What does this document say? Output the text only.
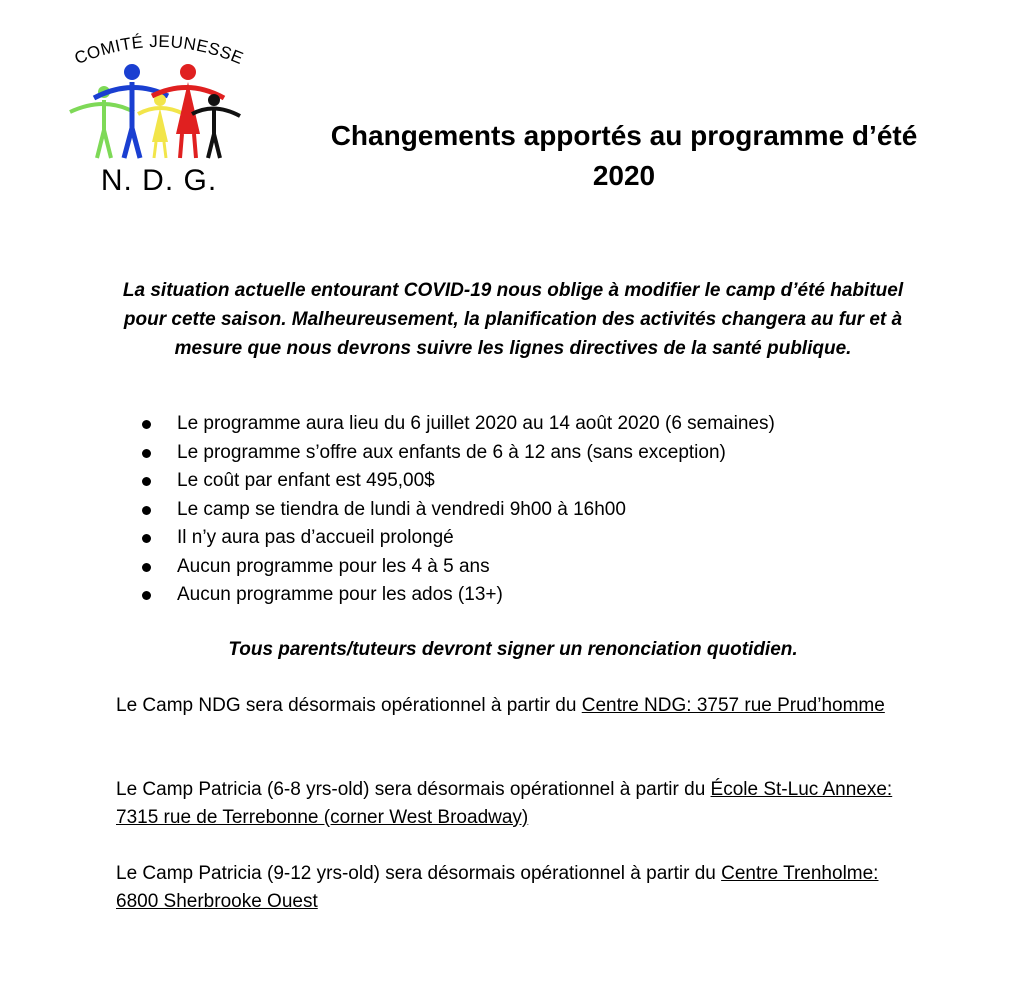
COMITÉ JEUNESSE
N. D. G.
Changements apportés au programme d’été 2020

La situation actuelle entourant COVID-19 nous oblige à modifier le camp d’été habituel pour cette saison. Malheureusement, la planification des activités changera au fur et à mesure que nous devrons suivre les lignes directives de la santé publique.

Le programme aura lieu du 6 juillet 2020 au 14 août 2020 (6 semaines)
Le programme s’offre aux enfants de 6 à 12 ans (sans exception)
Le coût par enfant est 495,00$
Le camp se tiendra de lundi à vendredi 9h00 à 16h00
Il n’y aura pas d’accueil prolongé
Aucun programme pour les 4 à 5 ans
Aucun programme pour les ados (13+)

Tous parents/tuteurs devront signer un renonciation quotidien.

Le Camp NDG sera désormais opérationnel à partir du Centre NDG: 3757 rue Prud’homme

Le Camp Patricia (6-8 yrs-old) sera désormais opérationnel à partir du École St-Luc Annexe: 7315 rue de Terrebonne (corner West Broadway)

Le Camp Patricia (9-12 yrs-old) sera désormais opérationnel à partir du Centre Trenholme: 6800 Sherbrooke Ouest
